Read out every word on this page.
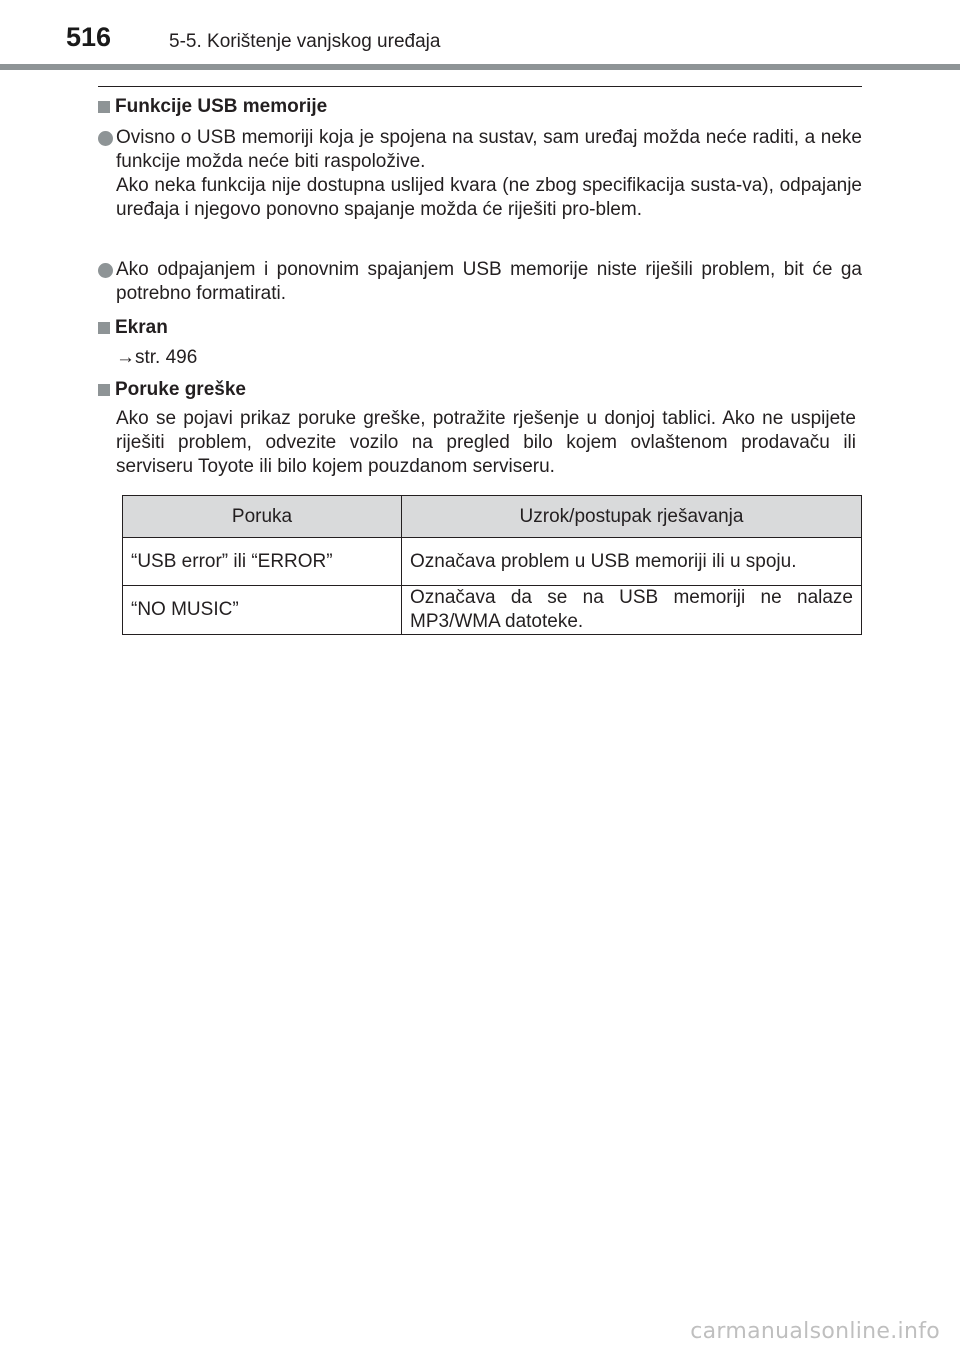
516	5-5. Korištenje vanjskog uređaja
Funkcije USB memorije
Ovisno o USB memoriji koja je spojena na sustav, sam uređaj možda neće raditi, a neke funkcije možda neće biti raspoložive.
Ako neka funkcija nije dostupna uslijed kvara (ne zbog specifikacija susta-va), odpajanje uređaja i njegovo ponovno spajanje možda će riješiti pro-blem.
Ako odpajanjem i ponovnim spajanjem USB memorije niste riješili problem, bit će ga potrebno formatirati.
Ekran
→str. 496
Poruke greške
Ako se pojavi prikaz poruke greške, potražite rješenje u donjoj tablici. Ako ne uspijete riješiti problem, odvezite vozilo na pregled bilo kojem ovlaštenom prodavaču ili serviseru Toyote ili bilo kojem pouzdanom serviseru.
Poruka	Uzrok/postupak rješavanja
“USB error” ili “ERROR”	Označava problem u USB memoriji ili u spoju.
“NO MUSIC”	Označava da se na USB memoriji ne nalaze MP3/WMA datoteke.
carmanualsonline.info
